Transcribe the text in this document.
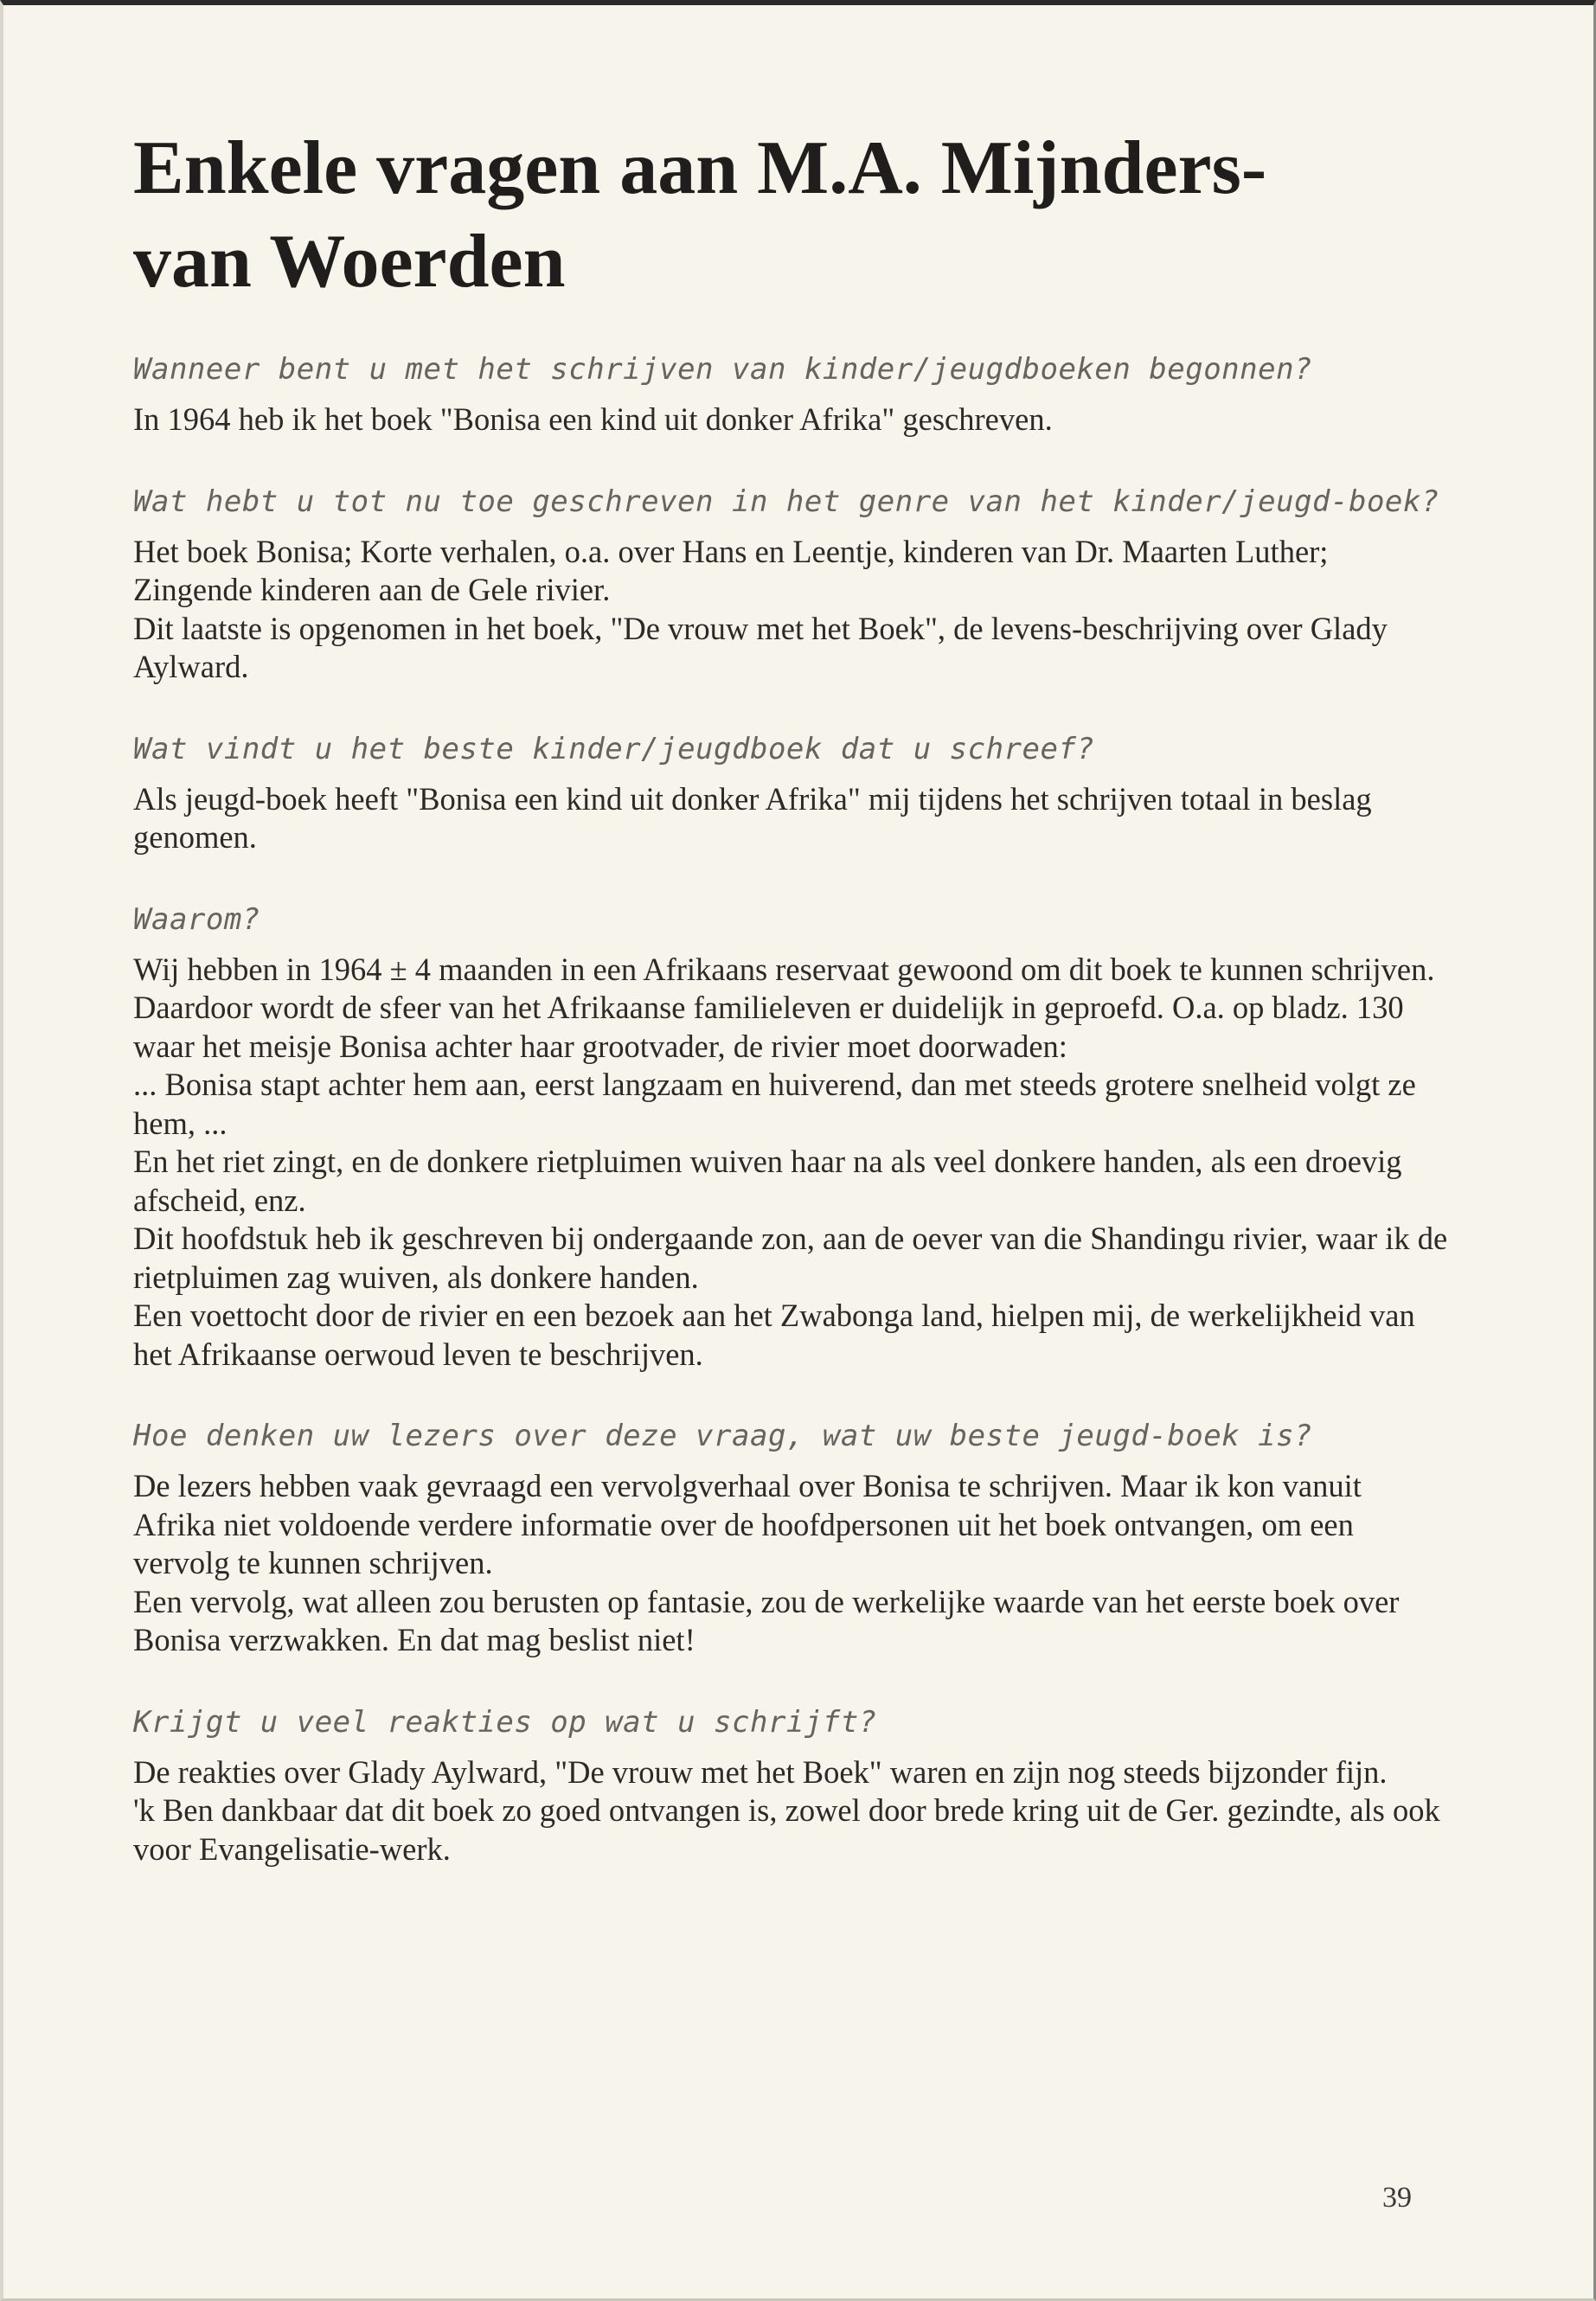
Enkele vragen aan M.A. Mijnders-
van Woerden
Wanneer bent u met het schrijven van kinder/jeugdboeken begonnen?
In 1964 heb ik het boek "Bonisa een kind uit donker Afrika" geschreven.
Wat hebt u tot nu toe geschreven in het genre van het kinder/jeugd-boek?
Het boek Bonisa; Korte verhalen, o.a. over Hans en Leentje, kinderen van Dr. Maarten Luther; Zingende kinderen aan de Gele rivier.
Dit laatste is opgenomen in het boek, "De vrouw met het Boek", de levens-beschrijving over Glady Aylward.
Wat vindt u het beste kinder/jeugdboek dat u schreef?
Als jeugd-boek heeft "Bonisa een kind uit donker Afrika" mij tijdens het schrijven totaal in beslag genomen.
Waarom?
Wij hebben in 1964 ± 4 maanden in een Afrikaans reservaat gewoond om dit boek te kunnen schrijven. Daardoor wordt de sfeer van het Afrikaanse familieleven er duidelijk in geproefd. O.a. op bladz. 130 waar het meisje Bonisa achter haar grootvader, de rivier moet doorwaden:
... Bonisa stapt achter hem aan, eerst langzaam en huiverend, dan met steeds grotere snelheid volgt ze hem, ...
En het riet zingt, en de donkere rietpluimen wuiven haar na als veel donkere handen, als een droevig afscheid, enz.
Dit hoofdstuk heb ik geschreven bij ondergaande zon, aan de oever van die Shandingu rivier, waar ik de rietpluimen zag wuiven, als donkere handen.
Een voettocht door de rivier en een bezoek aan het Zwabonga land, hielpen mij, de werkelijkheid van het Afrikaanse oerwoud leven te beschrijven.
Hoe denken uw lezers over deze vraag, wat uw beste jeugd-boek is?
De lezers hebben vaak gevraagd een vervolgverhaal over Bonisa te schrijven. Maar ik kon vanuit Afrika niet voldoende verdere informatie over de hoofdpersonen uit het boek ontvangen, om een vervolg te kunnen schrijven.
Een vervolg, wat alleen zou berusten op fantasie, zou de werkelijke waarde van het eerste boek over Bonisa verzwakken. En dat mag beslist niet!
Krijgt u veel reakties op wat u schrijft?
De reakties over Glady Aylward, "De vrouw met het Boek" waren en zijn nog steeds bijzonder fijn.
'k Ben dankbaar dat dit boek zo goed ontvangen is, zowel door brede kring uit de Ger. gezindte, als ook voor Evangelisatie-werk.
39
